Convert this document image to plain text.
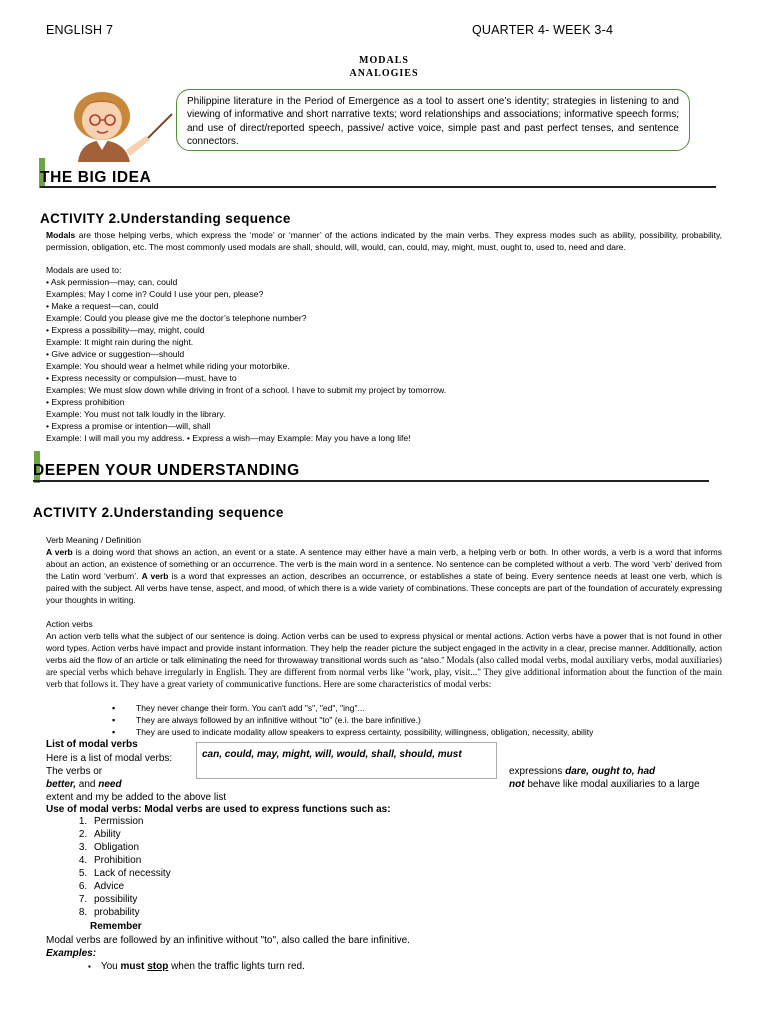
ENGLISH 7	QUARTER 4- WEEK 3-4
MODALS
ANALOGIES
Philippine literature in the Period of Emergence as a tool to assert one’s identity; strategies in listening to and viewing of informative and short narrative texts; word relationships and associations; informative speech forms; and use of direct/reported speech, passive/ active voice, simple past and past perfect tenses, and sentence connectors.
THE BIG IDEA
ACTIVITY 2.Understanding sequence
Modals are those helping verbs, which express the ‘mode’ or ‘manner’ of the actions indicated by the main verbs. They express modes such as ability, possibility, probability, permission, obligation, etc. The most commonly used modals are shall, should, will, would, can, could, may, might, must, ought to, used to, need and dare.
Modals are used to:
• Ask permission—may, can, could
Examples: May I come in? Could I use your pen, please?
• Make a request—can, could
Example: Could you please give me the doctor’s telephone number?
• Express a possibility—may, might, could
Example: It might rain during the night.
• Give advice or suggestion—should
Example: You should wear a helmet while riding your motorbike.
• Express necessity or compulsion—must, have to
Examples: We must slow down while driving in front of a school. I have to submit my project by tomorrow.
• Express prohibition
Example: You must not talk loudly in the library.
• Express a promise or intention—will, shall
Example: I will mail you my address. • Express a wish—may Example: May you have a long life!
DEEPEN YOUR UNDERSTANDING
ACTIVITY 2.Understanding sequence
Verb Meaning / Definition
A verb is a doing word that shows an action, an event or a state. A sentence may either have a main verb, a helping verb or both. In other words, a verb is a word that informs about an action, an existence of something or an occurrence. The verb is the main word in a sentence. No sentence can be completed without a verb. The word ‘verb’ derived from the Latin word ‘verbum’. A verb is a word that expresses an action, describes an occurrence, or establishes a state of being. Every sentence needs at least one verb, which is paired with the subject. All verbs have tense, aspect, and mood, of which there is a wide variety of combinations. These concepts are part of the foundation of accurately expressing your thoughts in writing.
Action verbs
An action verb tells what the subject of our sentence is doing. Action verbs can be used to express physical or mental actions. Action verbs have a power that is not found in other word types. Action verbs have impact and provide instant information. They help the reader picture the subject engaged in the activity in a clear, precise manner. Additionally, action verbs aid the flow of an article or talk eliminating the need for throwaway transitional words such as “also.” Modals (also called modal verbs, modal auxiliary verbs, modal auxiliaries) are special verbs which behave irregularly in English. They are different from normal verbs like "work, play, visit..." They give additional information about the function of the main verb that follows it. They have a great variety of communicative functions. Here are some characteristics of modal verbs:
▪ They never change their form. You can't add "s", "ed", "ing"...
▪ They are always followed by an infinitive without "to" (e.i. the bare infinitive.)
▪ They are used to indicate modality allow speakers to express certainty, possibility, willingness, obligation, necessity, ability
List of modal verbs
Here is a list of modal verbs:	can, could, may, might, will, would, shall, should, must
The verbs or	expressions dare, ought to, had
better, and need	not behave like modal auxiliaries to a large
extent and my be added to the above list
Use of modal verbs: Modal verbs are used to express functions such as:
1. Permission
2. Ability
3. Obligation
4. Prohibition
5. Lack of necessity
6. Advice
7. possibility
8. probability
Remember
Modal verbs are followed by an infinitive without "to", also called the bare infinitive.
Examples:
▪ You must stop when the traffic lights turn red.
